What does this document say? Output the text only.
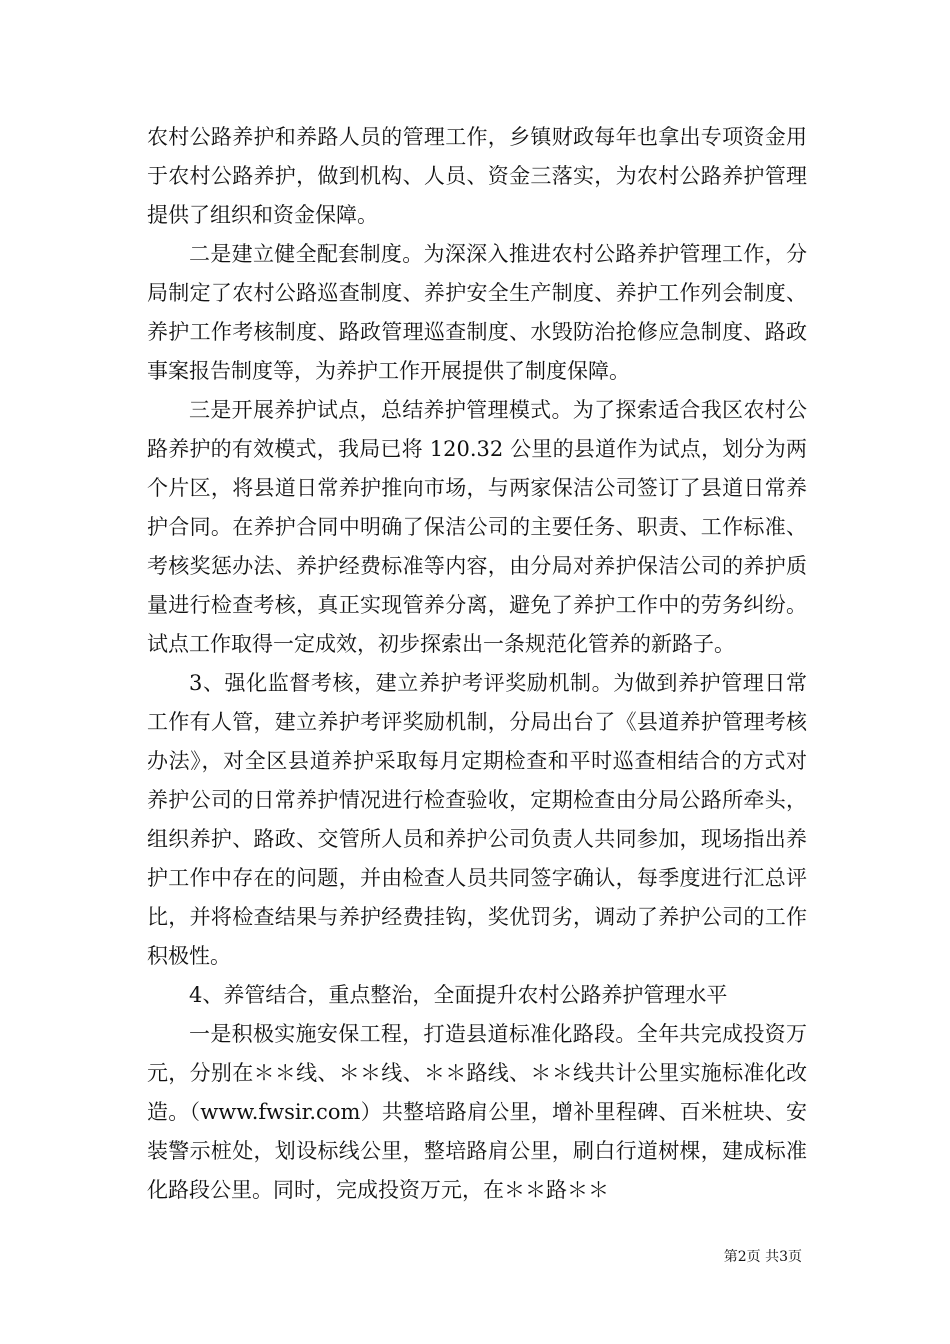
农村公路养护和养路人员的管理工作，乡镇财政每年也拿出专项资金用于农村公路养护，做到机构、人员、资金三落实，为农村公路养护管理提供了组织和资金保障。

二是建立健全配套制度。为深深入推进农村公路养护管理工作，分局制定了农村公路巡查制度、养护安全生产制度、养护工作列会制度、养护工作考核制度、路政管理巡查制度、水毁防治抢修应急制度、路政事案报告制度等，为养护工作开展提供了制度保障。

三是开展养护试点，总结养护管理模式。为了探索适合我区农村公路养护的有效模式，我局已将 120.32 公里的县道作为试点，划分为两个片区，将县道日常养护推向市场，与两家保洁公司签订了县道日常养护合同。在养护合同中明确了保洁公司的主要任务、职责、工作标准、考核奖惩办法、养护经费标准等内容，由分局对养护保洁公司的养护质量进行检查考核，真正实现管养分离，避免了养护工作中的劳务纠纷。试点工作取得一定成效，初步探索出一条规范化管养的新路子。

3、强化监督考核，建立养护考评奖励机制。为做到养护管理日常工作有人管，建立养护考评奖励机制，分局出台了《县道养护管理考核办法》，对全区县道养护采取每月定期检查和平时巡查相结合的方式对养护公司的日常养护情况进行检查验收，定期检查由分局公路所牵头，组织养护、路政、交管所人员和养护公司负责人共同参加，现场指出养护工作中存在的问题，并由检查人员共同签字确认，每季度进行汇总评比，并将检查结果与养护经费挂钩，奖优罚劣，调动了养护公司的工作积极性。

4、养管结合，重点整治，全面提升农村公路养护管理水平

一是积极实施安保工程，打造县道标准化路段。全年共完成投资万元，分别在＊＊线、＊＊线、＊＊路线、＊＊线共计公里实施标准化改造。（www.fwsir.com）共整培路肩公里，增补里程碑、百米桩块、安装警示桩处，划设标线公里，整培路肩公里，刷白行道树棵，建成标准化路段公里。同时，完成投资万元，在＊＊路＊＊

第2页 共3页
